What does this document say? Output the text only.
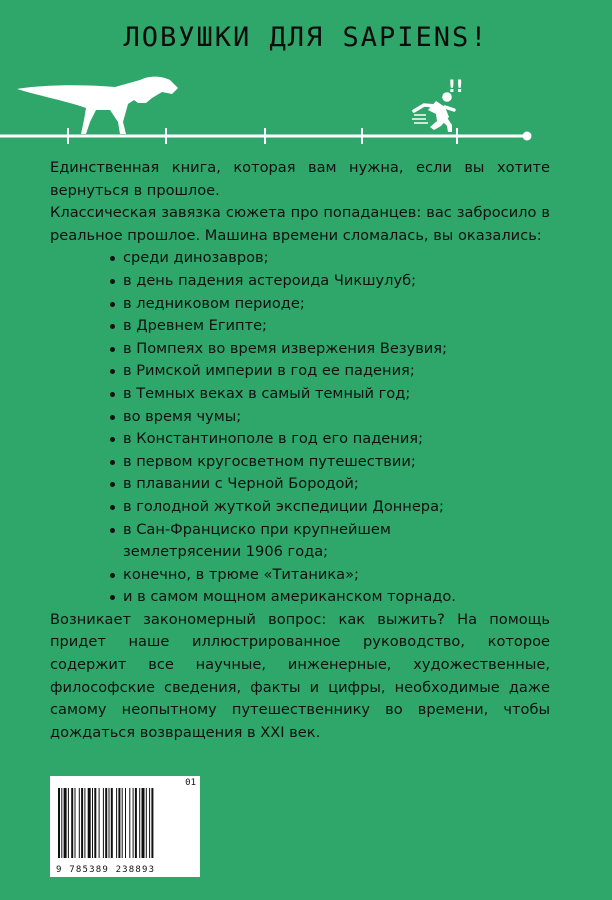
ЛОВУШКИ ДЛЯ SAPIENS!
!!

Единственная книга, которая вам нужна, если вы хотите вернуться в прошлое.

Классическая завязка сюжета про попаданцев: вас забросило в реальное прошлое. Машина времени сломалась, вы оказались:

среди динозавров;
в день падения астероида Чикшулуб;
в ледниковом периоде;
в Древнем Египте;
в Помпеях во время извержения Везувия;
в Римской империи в год ее падения;
в Темных веках в самый темный год;
во время чумы;
в Константинополе в год его падения;
в первом кругосветном путешествии;
в плавании с Черной Бородой;
в голодной жуткой экспедиции Доннера;
в Сан-Франциско при крупнейшем землетрясении 1906 года;
конечно, в трюме «Титаника»;
и в самом мощном американском торнадо.

Возникает закономерный вопрос: как выжить? На помощь придет наше иллюстрированное руководство, которое содержит все научные, инженерные, художественные, философские сведения, факты и цифры, необходимые даже самому неопытному путешественнику во времени, чтобы дождаться возвращения в XXI век.

01
9 785389 238893
